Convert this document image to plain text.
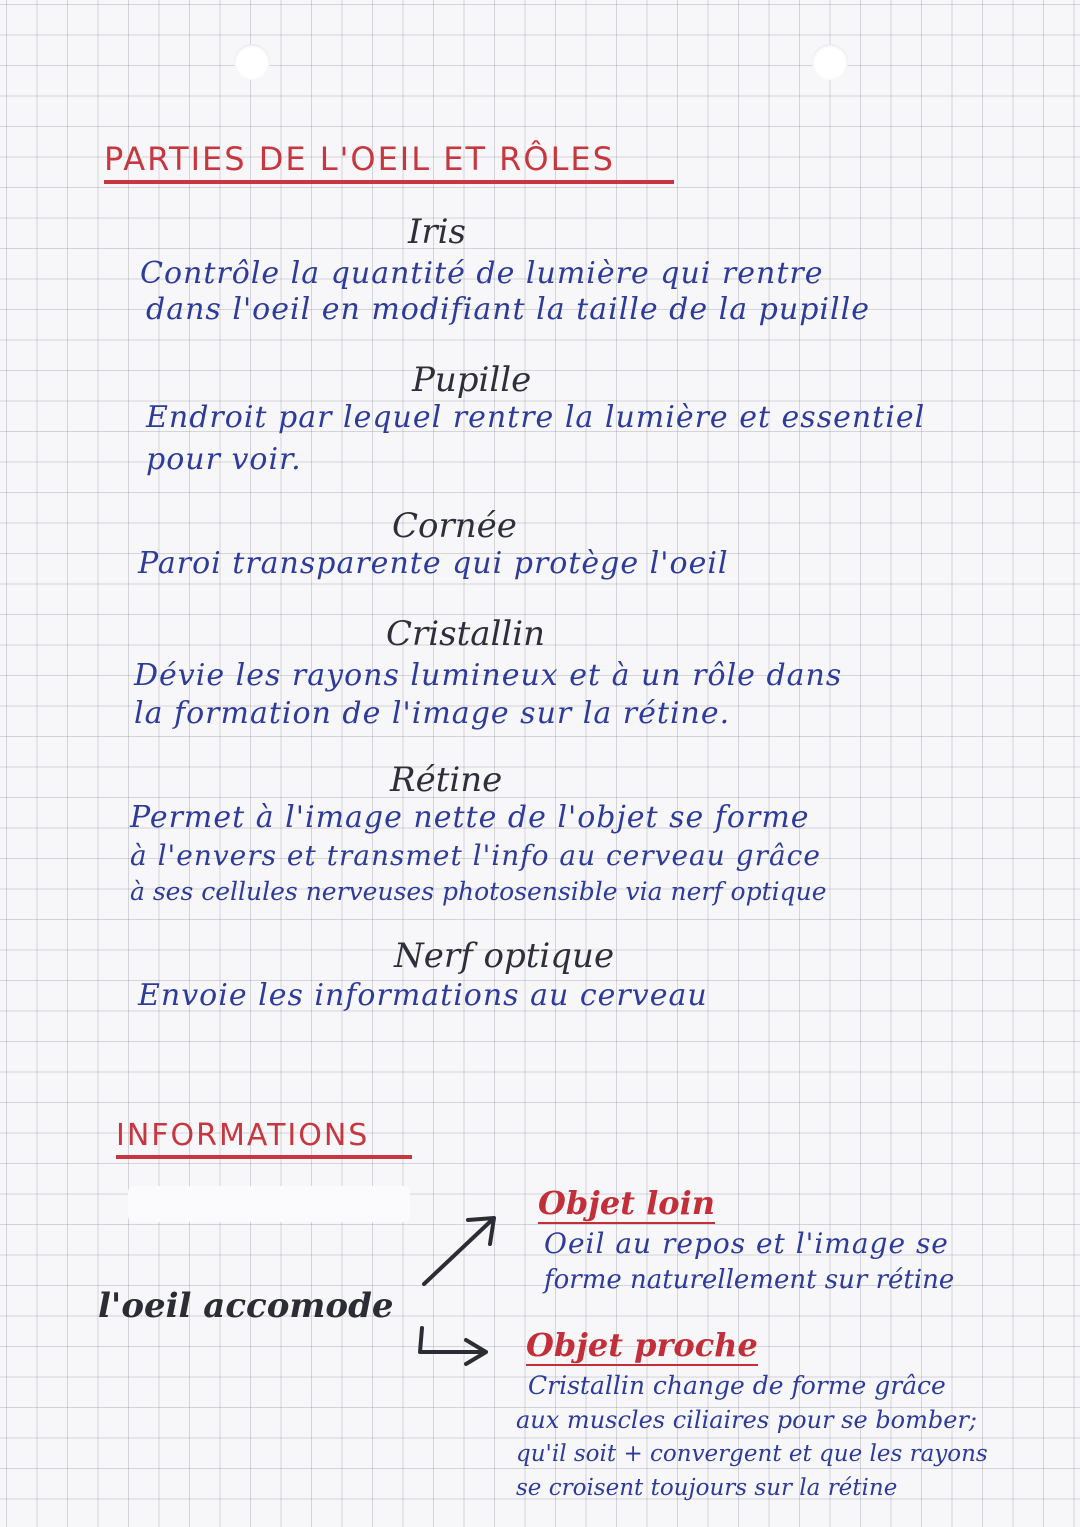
PARTIES DE L'OEIL ET RÔLES
Iris
Contrôle la quantité de lumière qui rentre
dans l'oeil en modifiant la taille de la pupille
Pupille
Endroit par lequel rentre la lumière et essentiel
pour voir.
Cornée
Paroi transparente qui protège l'oeil
Cristallin
Dévie les rayons lumineux et à un rôle dans
la formation de l'image sur la rétine.
Rétine
Permet à l'image nette de l'objet se forme
à l'envers et transmet l'info au cerveau grâce
à ses cellules nerveuses photosensible via nerf optique
Nerf optique
Envoie les informations au cerveau
INFORMATIONS
l'oeil accomode
Objet loin
Oeil au repos et l'image se
forme naturellement sur rétine
Objet proche
Cristallin change de forme grâce
aux muscles ciliaires pour se bomber;
qu'il soit + convergent et que les rayons
se croisent toujours sur la rétine
